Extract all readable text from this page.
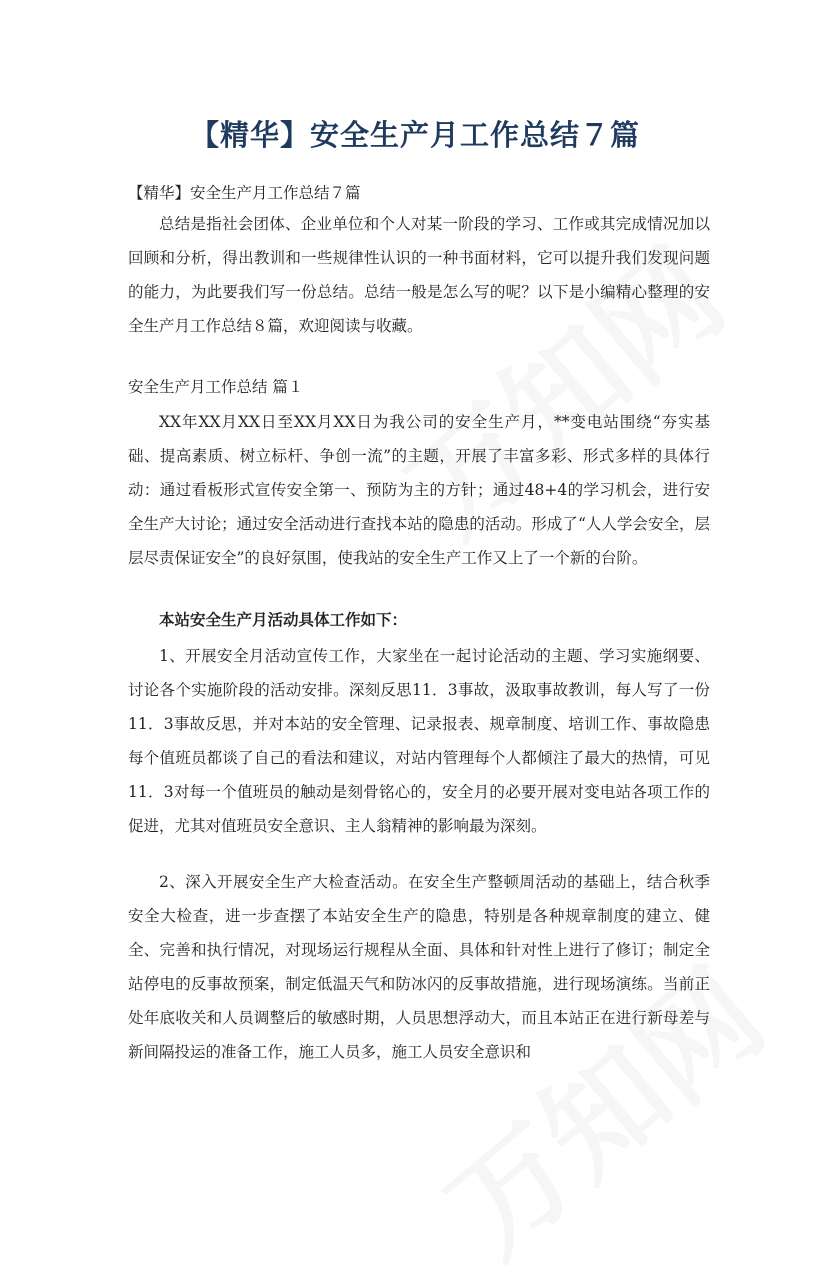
【精华】安全生产月工作总结７篇
【精华】安全生产月工作总结７篇
总结是指社会团体、企业单位和个人对某一阶段的学习、工作或其完成情况加以回顾和分析，得出教训和一些规律性认识的一种书面材料，它可以提升我们发现问题的能力，为此要我们写一份总结。总结一般是怎么写的呢？以下是小编精心整理的安全生产月工作总结８篇，欢迎阅读与收藏。
安全生产月工作总结 篇１
XX年XX月XX日至XX月XX日为我公司的安全生产月，**变电站围绕“夯实基础、提高素质、树立标杆、争创一流”的主题，开展了丰富多彩、形式多样的具体行动：通过看板形式宣传安全第一、预防为主的方针；通过48+4的学习机会，进行安全生产大讨论；通过安全活动进行查找本站的隐患的活动。形成了“人人学会安全，层层尽责保证安全”的良好氛围，使我站的安全生产工作又上了一个新的台阶。
本站安全生产月活动具体工作如下：
1、开展安全月活动宣传工作，大家坐在一起讨论活动的主题、学习实施纲要、讨论各个实施阶段的活动安排。深刻反思11．3事故，汲取事故教训，每人写了一份11．3事故反思，并对本站的安全管理、记录报表、规章制度、培训工作、事故隐患每个值班员都谈了自己的看法和建议，对站内管理每个人都倾注了最大的热情，可见11．3对每一个值班员的触动是刻骨铭心的，安全月的必要开展对变电站各项工作的促进，尤其对值班员安全意识、主人翁精神的影响最为深刻。
2、深入开展安全生产大检查活动。在安全生产整顿周活动的基础上，结合秋季安全大检查，进一步查摆了本站安全生产的隐患，特别是各种规章制度的建立、健全、完善和执行情况，对现场运行规程从全面、具体和针对性上进行了修订；制定全站停电的反事故预案，制定低温天气和防冰闪的反事故措施，进行现场演练。当前正处年底收关和人员调整后的敏感时期，人员思想浮动大，而且本站正在进行新母差与新间隔投运的准备工作，施工人员多，施工人员安全意识和
